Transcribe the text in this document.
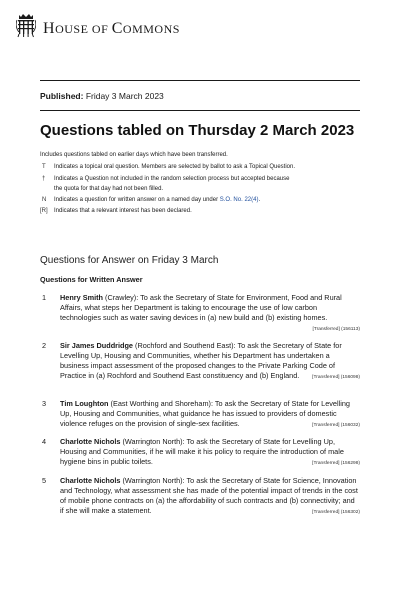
HOUSE OF COMMONS
Published: Friday 3 March 2023
Questions tabled on Thursday 2 March 2023
Includes questions tabled on earlier days which have been transferred.
T	Indicates a topical oral question. Members are selected by ballot to ask a Topical Question.
†	Indicates a Question not included in the random selection process but accepted because the quota for that day had not been filled.
N	Indicates a question for written answer on a named day under S.O. No. 22(4).
[R]	Indicates that a relevant interest has been declared.
Questions for Answer on Friday 3 March
Questions for Written Answer
1 Henry Smith (Crawley): To ask the Secretary of State for Environment, Food and Rural Affairs, what steps her Department is taking to encourage the use of low carbon technologies such as water saving devices in (a) new build and (b) existing homes.
[Transferred] (156113)
2 Sir James Duddridge (Rochford and Southend East): To ask the Secretary of State for Levelling Up, Housing and Communities, whether his Department has undertaken a business impact assessment of the proposed changes to the Private Parking Code of Practice in (a) Rochford and Southend East constituency and (b) England.	[Transferred] (156098)
3 Tim Loughton (East Worthing and Shoreham): To ask the Secretary of State for Levelling Up, Housing and Communities, what guidance he has issued to providers of domestic violence refuges on the provision of single-sex facilities.	[Transferred] (156032)
4 Charlotte Nichols (Warrington North): To ask the Secretary of State for Levelling Up, Housing and Communities, if he will make it his policy to require the introduction of male hygiene bins in public toilets.	[Transferred] (156298)
5 Charlotte Nichols (Warrington North): To ask the Secretary of State for Science, Innovation and Technology, what assessment she has made of the potential impact of trends in the cost of mobile phone contracts on (a) the affordability of such contracts and (b) connectivity; and if she will make a statement.	[Transferred] (156302)
